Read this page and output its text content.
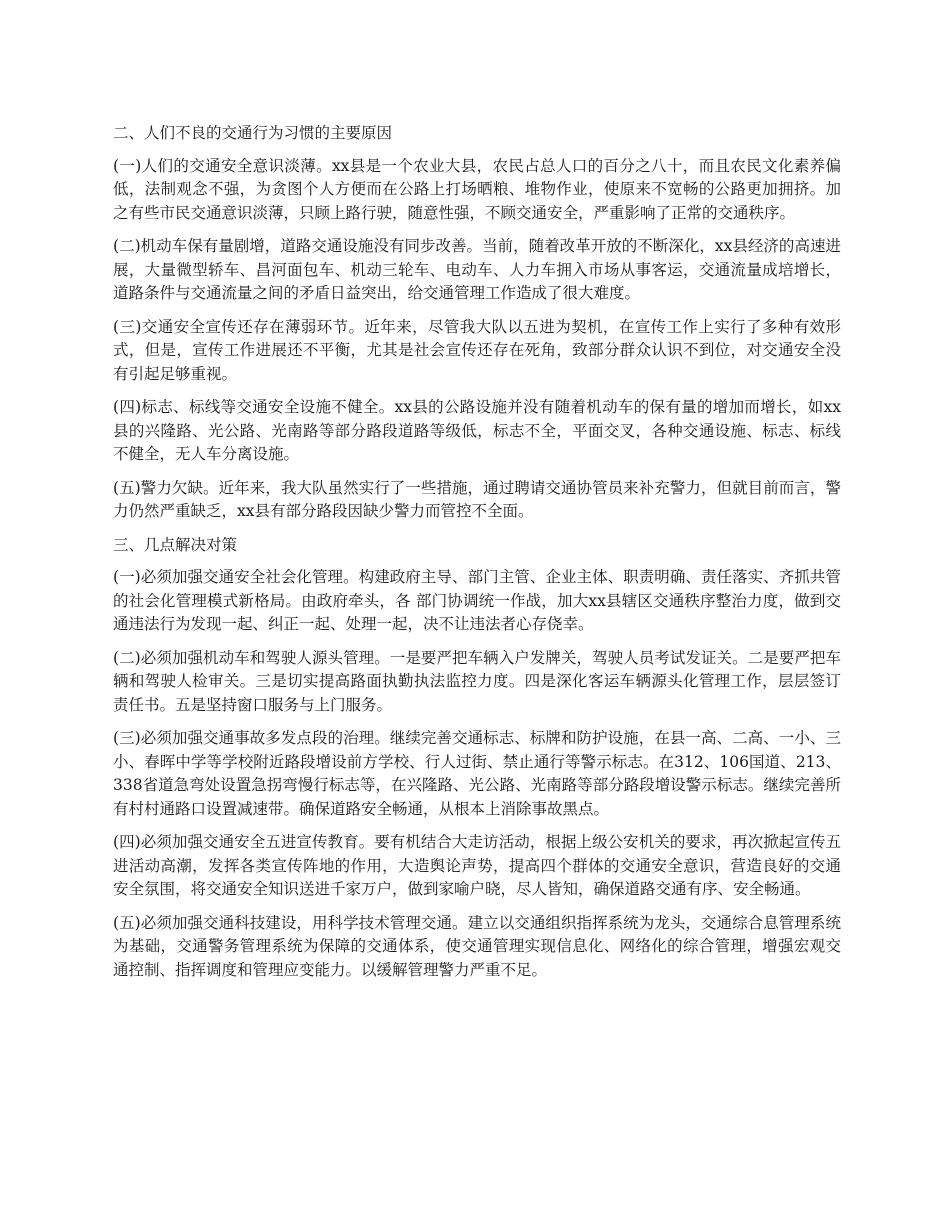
二、人们不良的交通行为习惯的主要原因

(一)人们的交通安全意识淡薄。xx县是一个农业大县，农民占总人口的百分之八十，而且农民文化素养偏低，法制观念不强，为贪图个人方便而在公路上打场晒粮、堆物作业，使原来不宽畅的公路更加拥挤。加之有些市民交通意识淡薄，只顾上路行驶，随意性强，不顾交通安全，严重影响了正常的交通秩序。

(二)机动车保有量剧增，道路交通设施没有同步改善。当前，随着改革开放的不断深化，xx县经济的高速进展，大量微型轿车、昌河面包车、机动三轮车、电动车、人力车拥入市场从事客运，交通流量成培增长，道路条件与交通流量之间的矛盾日益突出，给交通管理工作造成了很大难度。

(三)交通安全宣传还存在薄弱环节。近年来，尽管我大队以五进为契机，在宣传工作上实行了多种有效形式，但是，宣传工作进展还不平衡，尤其是社会宣传还存在死角，致部分群众认识不到位，对交通安全没有引起足够重视。

(四)标志、标线等交通安全设施不健全。xx县的公路设施并没有随着机动车的保有量的增加而增长，如xx县的兴隆路、光公路、光南路等部分路段道路等级低，标志不全，平面交叉，各种交通设施、标志、标线不健全，无人车分离设施。

(五)警力欠缺。近年来，我大队虽然实行了一些措施，通过聘请交通协管员来补充警力，但就目前而言，警力仍然严重缺乏，xx县有部分路段因缺少警力而管控不全面。

三、几点解决对策

(一)必须加强交通安全社会化管理。构建政府主导、部门主管、企业主体、职责明确、责任落实、齐抓共管的社会化管理模式新格局。由政府牵头，各 部门协调统一作战，加大xx县辖区交通秩序整治力度，做到交通违法行为发现一起、纠正一起、处理一起，决不让违法者心存侥幸。

(二)必须加强机动车和驾驶人源头管理。一是要严把车辆入户发牌关，驾驶人员考试发证关。二是要严把车辆和驾驶人检审关。三是切实提高路面执勤执法监控力度。四是深化客运车辆源头化管理工作，层层签订责任书。五是坚持窗口服务与上门服务。

(三)必须加强交通事故多发点段的治理。继续完善交通标志、标牌和防护设施，在县一高、二高、一小、三小、春晖中学等学校附近路段增设前方学校、行人过街、禁止通行等警示标志。在312、106国道、213、338省道急弯处设置急拐弯慢行标志等，在兴隆路、光公路、光南路等部分路段增设警示标志。继续完善所有村村通路口设置减速带。确保道路安全畅通，从根本上消除事故黑点。

(四)必须加强交通安全五进宣传教育。要有机结合大走访活动，根据上级公安机关的要求，再次掀起宣传五进活动高潮，发挥各类宣传阵地的作用，大造舆论声势，提高四个群体的交通安全意识，营造良好的交通安全氛围，将交通安全知识送进千家万户，做到家喻户晓，尽人皆知，确保道路交通有序、安全畅通。

(五)必须加强交通科技建设，用科学技术管理交通。建立以交通组织指挥系统为龙头，交通综合息管理系统为基础，交通警务管理系统为保障的交通体系，使交通管理实现信息化、网络化的综合管理，增强宏观交通控制、指挥调度和管理应变能力。以缓解管理警力严重不足。
